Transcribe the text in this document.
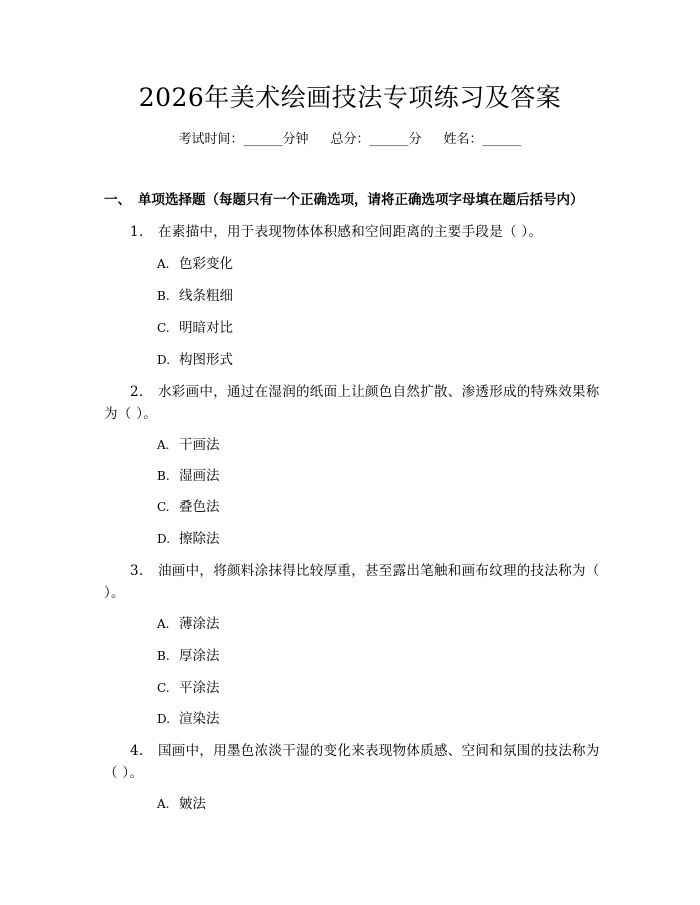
2026年美术绘画技法专项练习及答案
考试时间：______分钟 总分：______分 姓名：______
一、 单项选择题（每题只有一个正确选项，请将正确选项字母填在题后括号内）
1. 在素描中，用于表现物体体积感和空间距离的主要手段是（ ）。
A. 色彩变化
B. 线条粗细
C. 明暗对比
D. 构图形式
2. 水彩画中，通过在湿润的纸面上让颜色自然扩散、渗透形成的特殊效果称为（ ）。
A. 干画法
B. 湿画法
C. 叠色法
D. 擦除法
3. 油画中，将颜料涂抹得比较厚重，甚至露出笔触和画布纹理的技法称为（ ）。
A. 薄涂法
B. 厚涂法
C. 平涂法
D. 渲染法
4. 国画中，用墨色浓淡干湿的变化来表现物体质感、空间和氛围的技法称为（ ）。
A. 皴法
